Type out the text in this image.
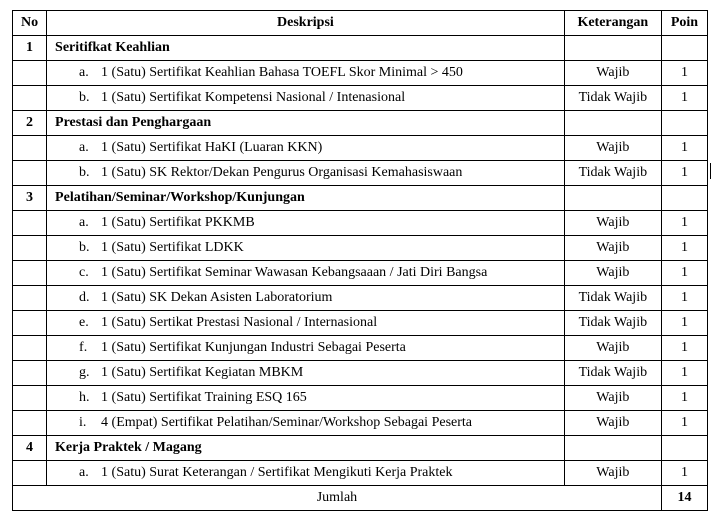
No	Deskripsi	Keterangan	Poin
1	Seritifkat Keahlian		
	a. 1 (Satu) Sertifikat Keahlian Bahasa TOEFL Skor Minimal > 450	Wajib	1
	b. 1 (Satu) Sertifikat Kompetensi Nasional / Intenasional	Tidak Wajib	1
2	Prestasi dan Penghargaan		
	a. 1 (Satu) Sertifikat HaKI (Luaran KKN)	Wajib	1
	b. 1 (Satu) SK Rektor/Dekan Pengurus Organisasi Kemahasiswaan	Tidak Wajib	1
3	Pelatihan/Seminar/Workshop/Kunjungan		
	a. 1 (Satu) Sertifikat PKKMB	Wajib	1
	b. 1 (Satu) Sertifikat LDKK	Wajib	1
	c. 1 (Satu) Sertifikat Seminar Wawasan Kebangsaaan / Jati Diri Bangsa	Wajib	1
	d. 1 (Satu) SK Dekan Asisten Laboratorium	Tidak Wajib	1
	e. 1 (Satu) Sertikat Prestasi Nasional / Internasional	Tidak Wajib	1
	f. 1 (Satu) Sertifikat Kunjungan Industri Sebagai Peserta	Wajib	1
	g. 1 (Satu) Sertifikat Kegiatan MBKM	Tidak Wajib	1
	h. 1 (Satu) Sertifikat Training ESQ 165	Wajib	1
	i. 4 (Empat) Sertifikat Pelatihan/Seminar/Workshop Sebagai Peserta	Wajib	1
4	Kerja Praktek / Magang		
	a. 1 (Satu) Surat Keterangan / Sertifikat Mengikuti Kerja Praktek	Wajib	1
Jumlah			14
